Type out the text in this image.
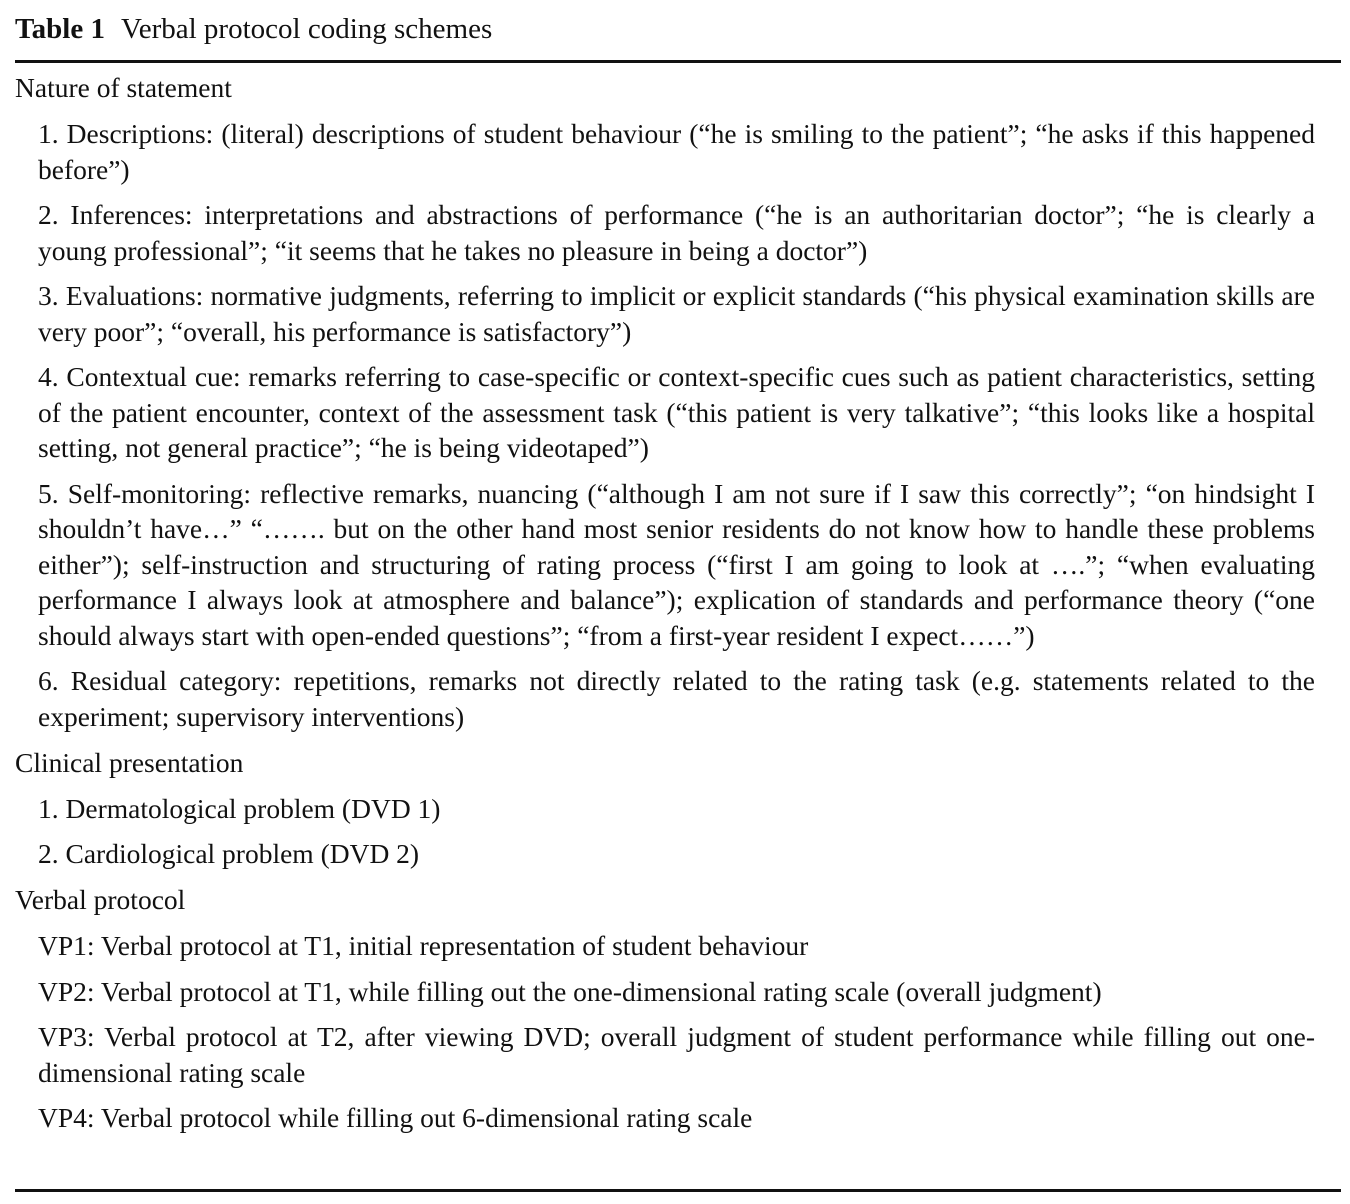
Table 1 Verbal protocol coding schemes
Nature of statement
1. Descriptions: (literal) descriptions of student behaviour (“he is smiling to the patient”; “he asks if this happened before”)
2. Inferences: interpretations and abstractions of performance (“he is an authoritarian doctor”; “he is clearly a young professional”; “it seems that he takes no pleasure in being a doctor”)
3. Evaluations: normative judgments, referring to implicit or explicit standards (“his physical examination skills are very poor”; “overall, his performance is satisfactory”)
4. Contextual cue: remarks referring to case-specific or context-specific cues such as patient characteristics, setting of the patient encounter, context of the assessment task (“this patient is very talkative”; “this looks like a hospital setting, not general practice”; “he is being videotaped”)
5. Self-monitoring: reflective remarks, nuancing (“although I am not sure if I saw this correctly”; “on hindsight I shouldn’t have…” “……. but on the other hand most senior residents do not know how to handle these problems either”); self-instruction and structuring of rating process (“first I am going to look at ….”; “when evaluating performance I always look at atmosphere and balance”); explication of standards and performance theory (“one should always start with open-ended questions”; “from a first-year resident I expect……”)
6. Residual category: repetitions, remarks not directly related to the rating task (e.g. statements related to the experiment; supervisory interventions)
Clinical presentation
1. Dermatological problem (DVD 1)
2. Cardiological problem (DVD 2)
Verbal protocol
VP1: Verbal protocol at T1, initial representation of student behaviour
VP2: Verbal protocol at T1, while filling out the one-dimensional rating scale (overall judgment)
VP3: Verbal protocol at T2, after viewing DVD; overall judgment of student performance while filling out one-dimensional rating scale
VP4: Verbal protocol while filling out 6-dimensional rating scale
